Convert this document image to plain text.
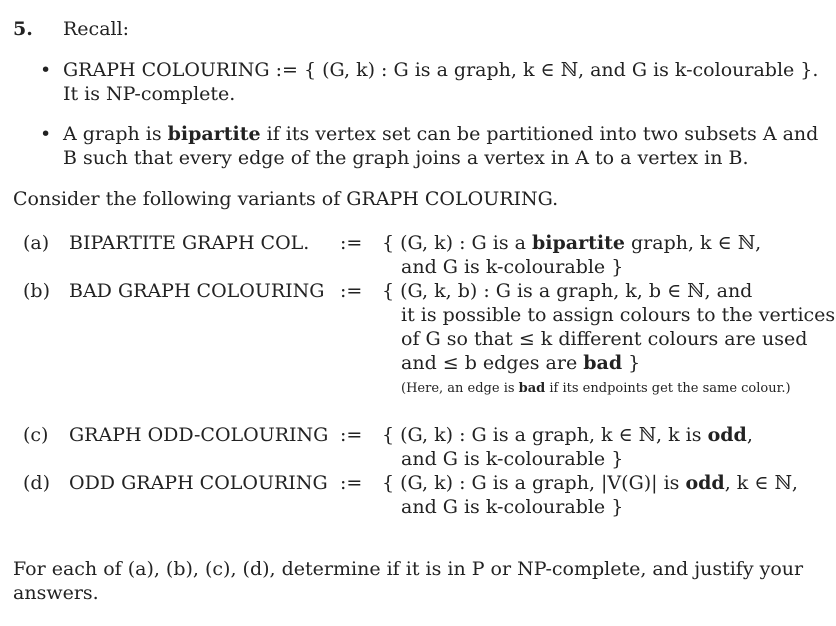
5. Recall:
• GRAPH COLOURING := { (G, k) : G is a graph, k ∈ ℕ, and G is k-colourable }.
It is NP-complete.
• A graph is bipartite if its vertex set can be partitioned into two subsets A and
B such that every edge of the graph joins a vertex in A to a vertex in B.
Consider the following variants of GRAPH COLOURING.
(a) BIPARTITE GRAPH COL. := { (G, k) : G is a bipartite graph, k ∈ ℕ,
and G is k-colourable }
(b) BAD GRAPH COLOURING := { (G, k, b) : G is a graph, k, b ∈ ℕ, and
it is possible to assign colours to the vertices
of G so that ≤ k different colours are used
and ≤ b edges are bad }
(Here, an edge is bad if its endpoints get the same colour.)
(c) GRAPH ODD-COLOURING := { (G, k) : G is a graph, k ∈ ℕ, k is odd,
and G is k-colourable }
(d) ODD GRAPH COLOURING := { (G, k) : G is a graph, |V(G)| is odd, k ∈ ℕ,
and G is k-colourable }
For each of (a), (b), (c), (d), determine if it is in P or NP-complete, and justify your
answers.
